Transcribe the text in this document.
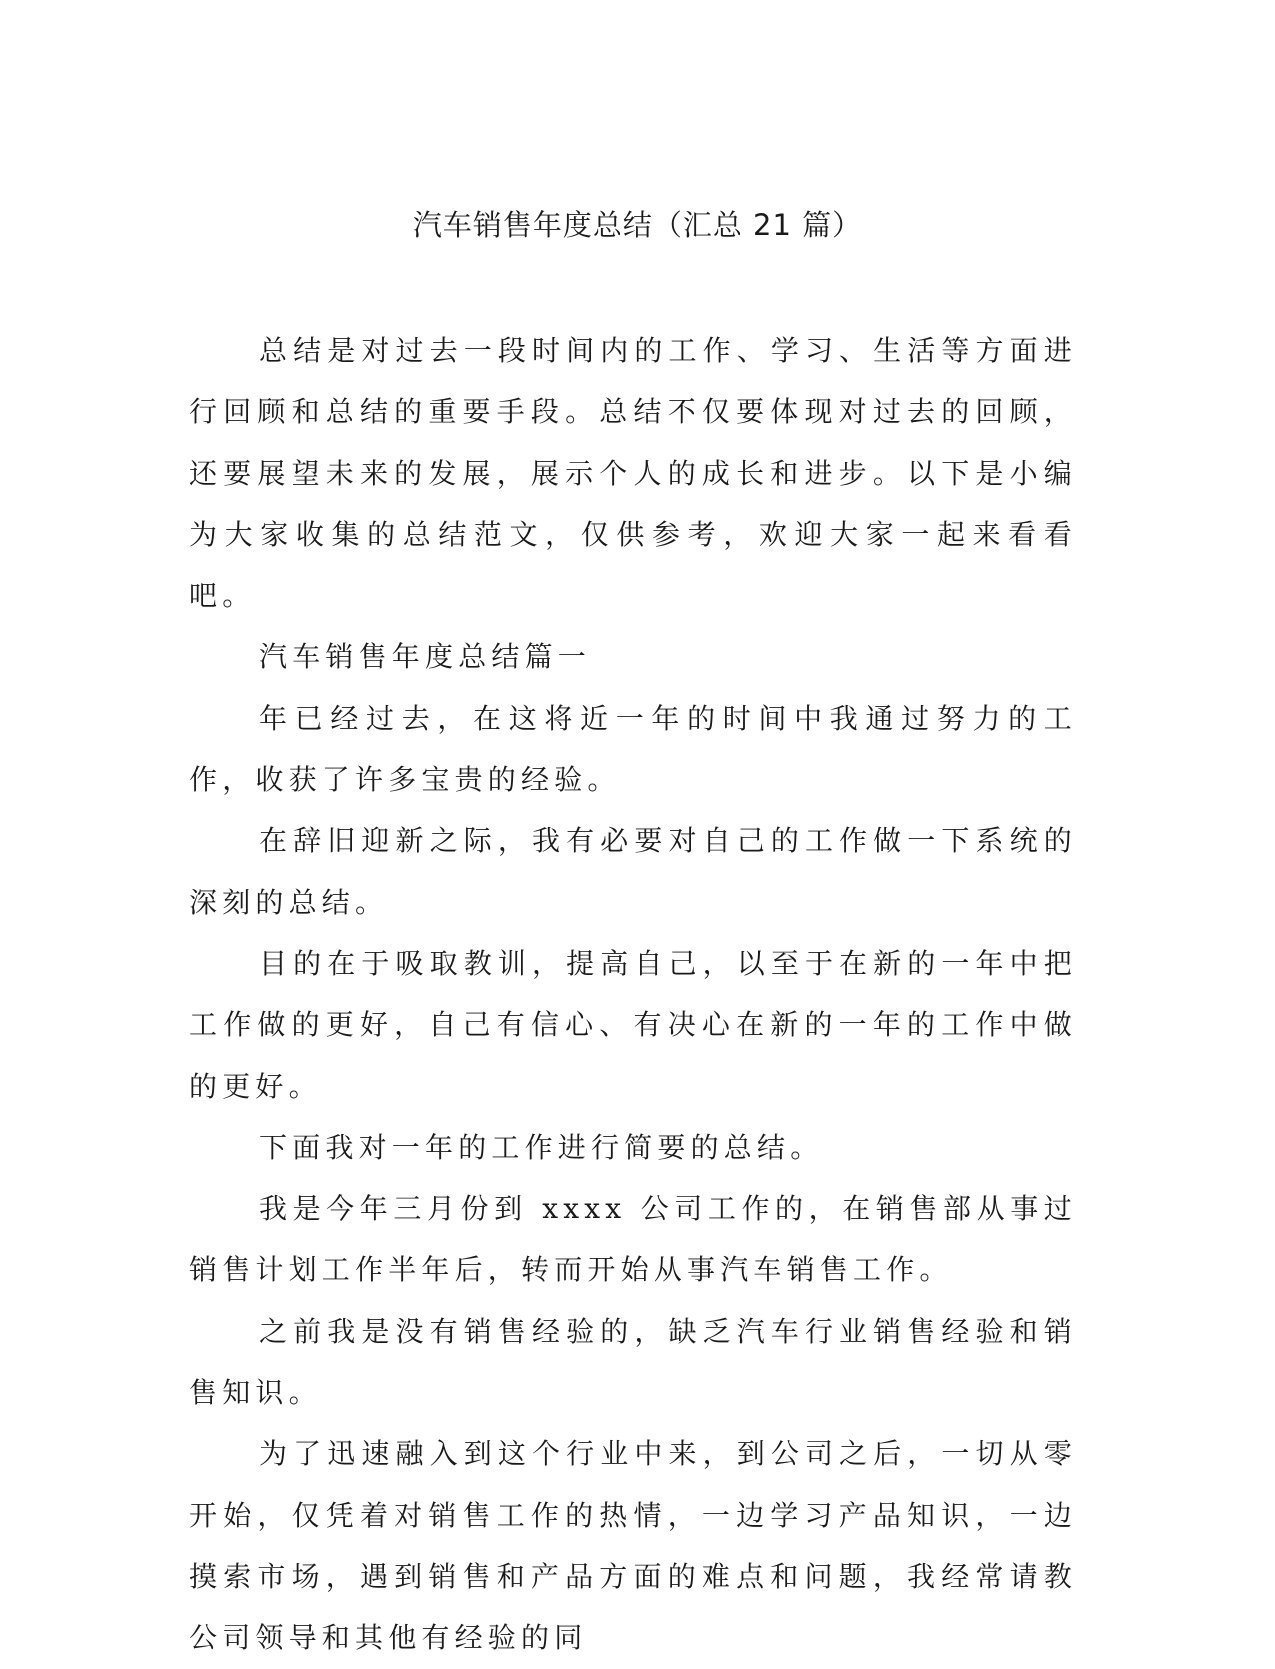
汽车销售年度总结（汇总 21 篇）

总结是对过去一段时间内的工作、学习、生活等方面进行回顾和总结的重要手段。总结不仅要体现对过去的回顾，还要展望未来的发展，展示个人的成长和进步。以下是小编为大家收集的总结范文，仅供参考，欢迎大家一起来看看吧。

汽车销售年度总结篇一

年已经过去，在这将近一年的时间中我通过努力的工作，收获了许多宝贵的经验。

在辞旧迎新之际，我有必要对自己的工作做一下系统的深刻的总结。

目的在于吸取教训，提高自己，以至于在新的一年中把工作做的更好，自己有信心、有决心在新的一年的工作中做的更好。

下面我对一年的工作进行简要的总结。

我是今年三月份到 xxxx 公司工作的，在销售部从事过销售计划工作半年后，转而开始从事汽车销售工作。

之前我是没有销售经验的，缺乏汽车行业销售经验和销售知识。

为了迅速融入到这个行业中来，到公司之后，一切从零开始，仅凭着对销售工作的热情，一边学习产品知识，一边摸索市场，遇到销售和产品方面的难点和问题，我经常请教公司领导和其他有经验的同
